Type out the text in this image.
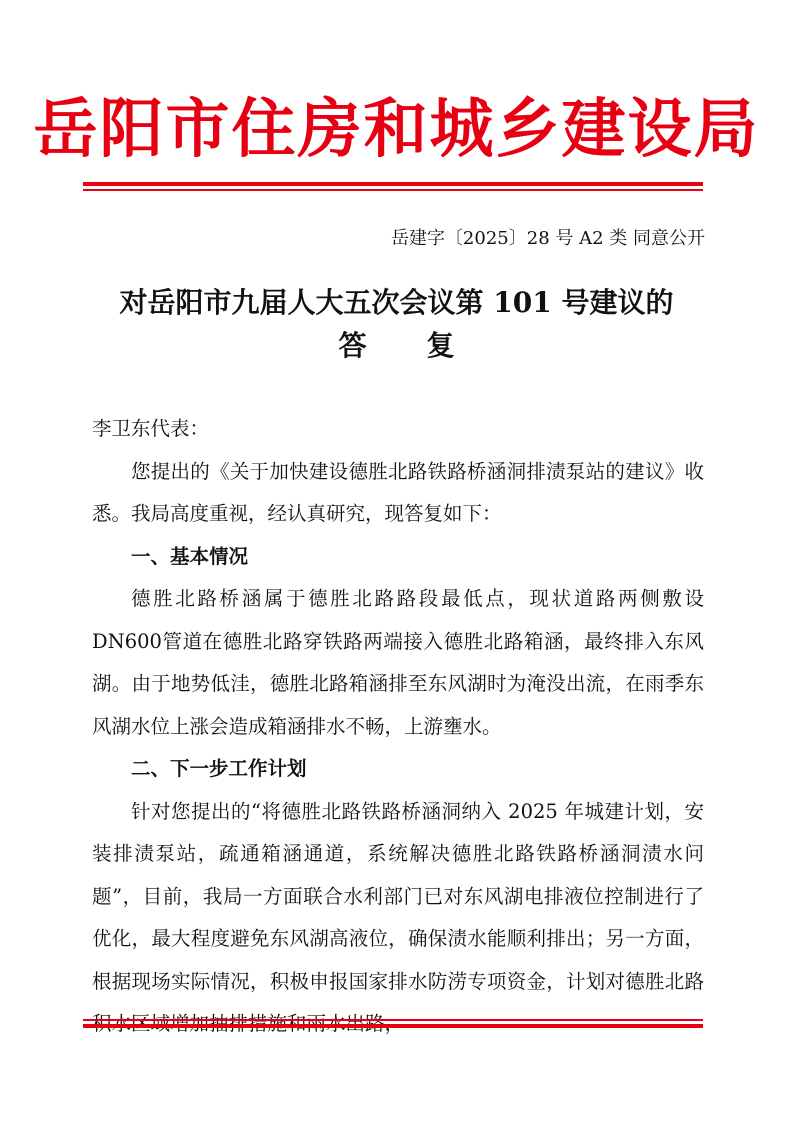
岳阳市住房和城乡建设局
岳建字〔2025〕28 号 A2 类 同意公开
对岳阳市九届人大五次会议第 101 号建议的
答复

李卫东代表：

您提出的《关于加快建设德胜北路铁路桥涵洞排渍泵站的建议》收悉。我局高度重视，经认真研究，现答复如下：

一、基本情况

德胜北路桥涵属于德胜北路路段最低点，现状道路两侧敷设DN600管道在德胜北路穿铁路两端接入德胜北路箱涵，最终排入东风湖。由于地势低洼，德胜北路箱涵排至东风湖时为淹没出流，在雨季东风湖水位上涨会造成箱涵排水不畅，上游壅水。

二、下一步工作计划

针对您提出的“将德胜北路铁路桥涵洞纳入 2025 年城建计划，安装排渍泵站，疏通箱涵通道，系统解决德胜北路铁路桥涵洞渍水问题”，目前，我局一方面联合水利部门已对东风湖电排液位控制进行了优化，最大程度避免东风湖高液位，确保渍水能顺利排出；另一方面，根据现场实际情况，积极申报国家排水防涝专项资金，计划对德胜北路
